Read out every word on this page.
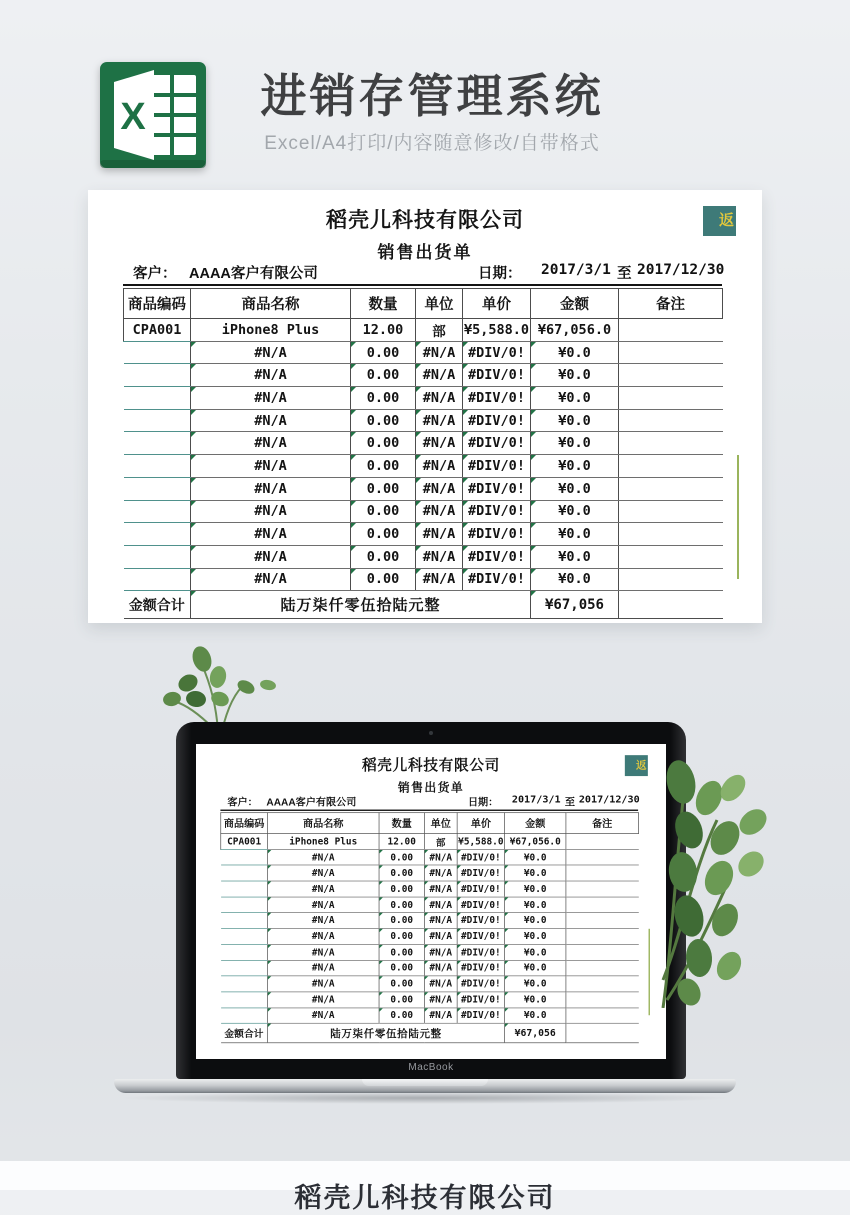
X	进销存管理系统
Excel/A4打印/内容随意修改/自带格式
稻壳儿科技有限公司	返
销售出货单
客户： AAAA客户有限公司	日期： 2017/3/1 至 2017/12/30
商品编码	商品名称	数量	单位	单价	金额	备注
CPA001	iPhone8 Plus	12.00	部	¥5,588.0	¥67,056.0	
	#N/A	0.00	#N/A	#DIV/0!	¥0.0	
	#N/A	0.00	#N/A	#DIV/0!	¥0.0	
	#N/A	0.00	#N/A	#DIV/0!	¥0.0	
	#N/A	0.00	#N/A	#DIV/0!	¥0.0	
	#N/A	0.00	#N/A	#DIV/0!	¥0.0	
	#N/A	0.00	#N/A	#DIV/0!	¥0.0	
	#N/A	0.00	#N/A	#DIV/0!	¥0.0	
	#N/A	0.00	#N/A	#DIV/0!	¥0.0	
	#N/A	0.00	#N/A	#DIV/0!	¥0.0	
	#N/A	0.00	#N/A	#DIV/0!	¥0.0	
	#N/A	0.00	#N/A	#DIV/0!	¥0.0	
金额合计	陆万柒仟零伍拾陆元整				¥67,056	
稻壳儿科技有限公司	返
销售出货单
客户： AAAA客户有限公司	日期： 2017/3/1 至 2017/12/30
商品编码	商品名称	数量	单位	单价	金额	备注
CPA001	iPhone8 Plus	12.00	部	¥5,588.0	¥67,056.0	
	#N/A	0.00	#N/A	#DIV/0!	¥0.0	
	#N/A	0.00	#N/A	#DIV/0!	¥0.0	
	#N/A	0.00	#N/A	#DIV/0!	¥0.0	
	#N/A	0.00	#N/A	#DIV/0!	¥0.0	
	#N/A	0.00	#N/A	#DIV/0!	¥0.0	
	#N/A	0.00	#N/A	#DIV/0!	¥0.0	
	#N/A	0.00	#N/A	#DIV/0!	¥0.0	
	#N/A	0.00	#N/A	#DIV/0!	¥0.0	
	#N/A	0.00	#N/A	#DIV/0!	¥0.0	
	#N/A	0.00	#N/A	#DIV/0!	¥0.0	
	#N/A	0.00	#N/A	#DIV/0!	¥0.0	
金额合计	陆万柒仟零伍拾陆元整				¥67,056	
MacBook
稻壳儿科技有限公司
